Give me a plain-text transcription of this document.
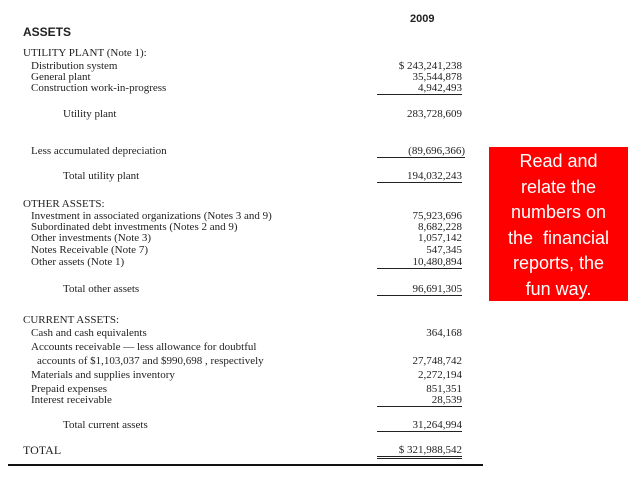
2009
ASSETS
UTILITY PLANT (Note 1):
Distribution system	$ 243,241,238
General plant	35,544,878
Construction work-in-progress	4,942,493
Utility plant	283,728,609
Less accumulated depreciation	(89,696,366)
Total utility plant	194,032,243
OTHER ASSETS:
Investment in associated organizations (Notes 3 and 9)	75,923,696
Subordinated debt investments (Notes 2 and 9)	8,682,228
Other investments (Note 3)	1,057,142
Notes Receivable (Note 7)	547,345
Other assets (Note 1)	10,480,894
Total other assets	96,691,305
CURRENT ASSETS:
Cash and cash equivalents	364,168
Accounts receivable — less allowance for doubtful
accounts of $1,103,037 and $990,698 , respectively	27,748,742
Materials and supplies inventory	2,272,194
Prepaid expenses	851,351
Interest receivable	28,539
Total current assets	31,264,994
TOTAL	$ 321,988,542
Read and
relate the
numbers on
the  financial
reports, the
fun way.
